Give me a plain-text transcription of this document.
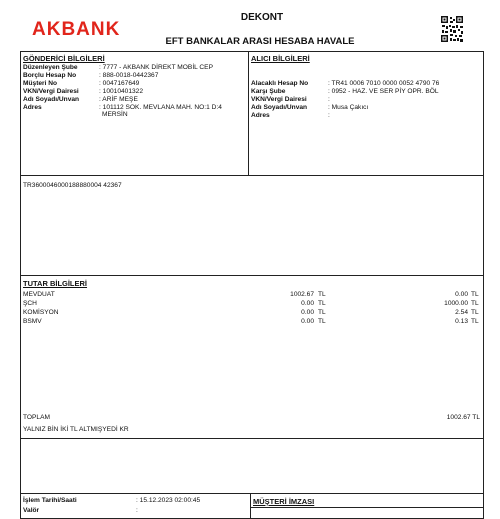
AKBANK
DEKONT
EFT BANKALAR ARASI HESABA HAVALE
GÖNDERİCİ BİLGİLERİ
Düzenleyen Şube	: 7777 - AKBANK DİREKT MOBİL CEP
Borçlu Hesap No	: 888-0018-0442367
Müşteri No	: 0047167649
VKN/Vergi Dairesi	: 10010401322
Adı Soyadı/Unvan	: ARİF MEŞE
Adres	: 101112 SOK. MEVLANA MAH. NO:1 D:4
MERSİN
ALICI BİLGİLERİ
Alacaklı Hesap No	: TR41 0006 7010 0000 0052 4790 76
Karşı Şube	: 0952 - HAZ. VE SER PİY OPR. BÖL
VKN/Vergi Dairesi	:
Adı Soyadı/Unvan	: Musa Çakıcı
Adres	:
TR3600046000188880004 42367
TUTAR BİLGİLERİ
MEVDUAT	1002.67 TL	0.00 TL
ŞCH	0.00 TL	1000.00 TL
KOMİSYON	0.00 TL	2.54 TL
BSMV	0.00 TL	0.13 TL
TOPLAM	1002.67 TL
YALNIZ BİN İKİ TL ALTMIŞYEDİ KR
İşlem Tarihi/Saati	: 15.12.2023 02:00:45
Valör	:
MÜŞTERİ İMZASI
